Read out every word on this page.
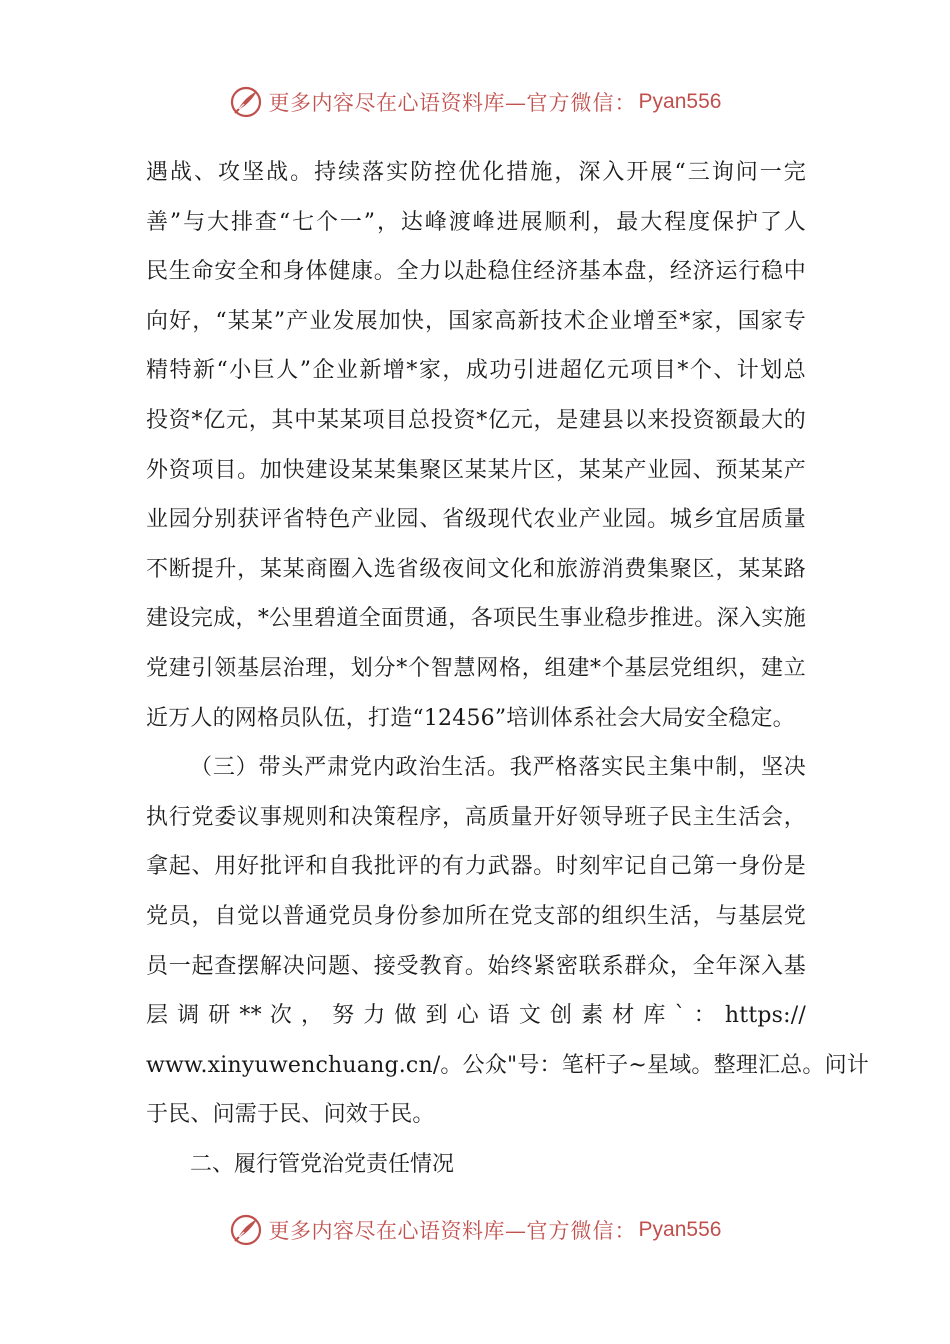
更多内容尽在心语资料库— 官方微信： Pyan556
遇战、攻坚战。持续落实防控优化措施，深入开展“三询问一完
善”与大排查“七个一”，达峰渡峰进展顺利，最大程度保护了人
民生命安全和身体健康。全力以赴稳住经济基本盘，经济运行稳中
向好，“某某”产业发展加快，国家高新技术企业增至*家，国家专
精特新“小巨人”企业新增*家，成功引进超亿元项目*个、计划总
投资*亿元，其中某某项目总投资*亿元，是建县以来投资额最大的
外资项目。加快建设某某集聚区某某片区，某某产业园、预某某产
业园分别获评省特色产业园、省级现代农业产业园。城乡宜居质量
不断提升，某某商圈入选省级夜间文化和旅游消费集聚区，某某路
建设完成，*公里碧道全面贯通，各项民生事业稳步推进。深入实施
党建引领基层治理，划分*个智慧网格，组建*个基层党组织，建立
近万人的网格员队伍，打造“12456”培训体系社会大局安全稳定。
（三）带头严肃党内政治生活。我严格落实民主集中制，坚决
执行党委议事规则和决策程序，高质量开好领导班子民主生活会，
拿起、用好批评和自我批评的有力武器。时刻牢记自己第一身份是
党员，自觉以普通党员身份参加所在党支部的组织生活，与基层党
员一起查摆解决问题、接受教育。始终紧密联系群众，全年深入基
层 调 研 ** 次 ， 努 力 做 到 心 语 文 创 素 材 库 ` ： https://
www.xinyuwenchuang.cn/。公众"号：笔杆子~星域。整理汇总。问计
于民、问需于民、问效于民。
二、履行管党治党责任情况
更多内容尽在心语资料库— 官方微信： Pyan556
